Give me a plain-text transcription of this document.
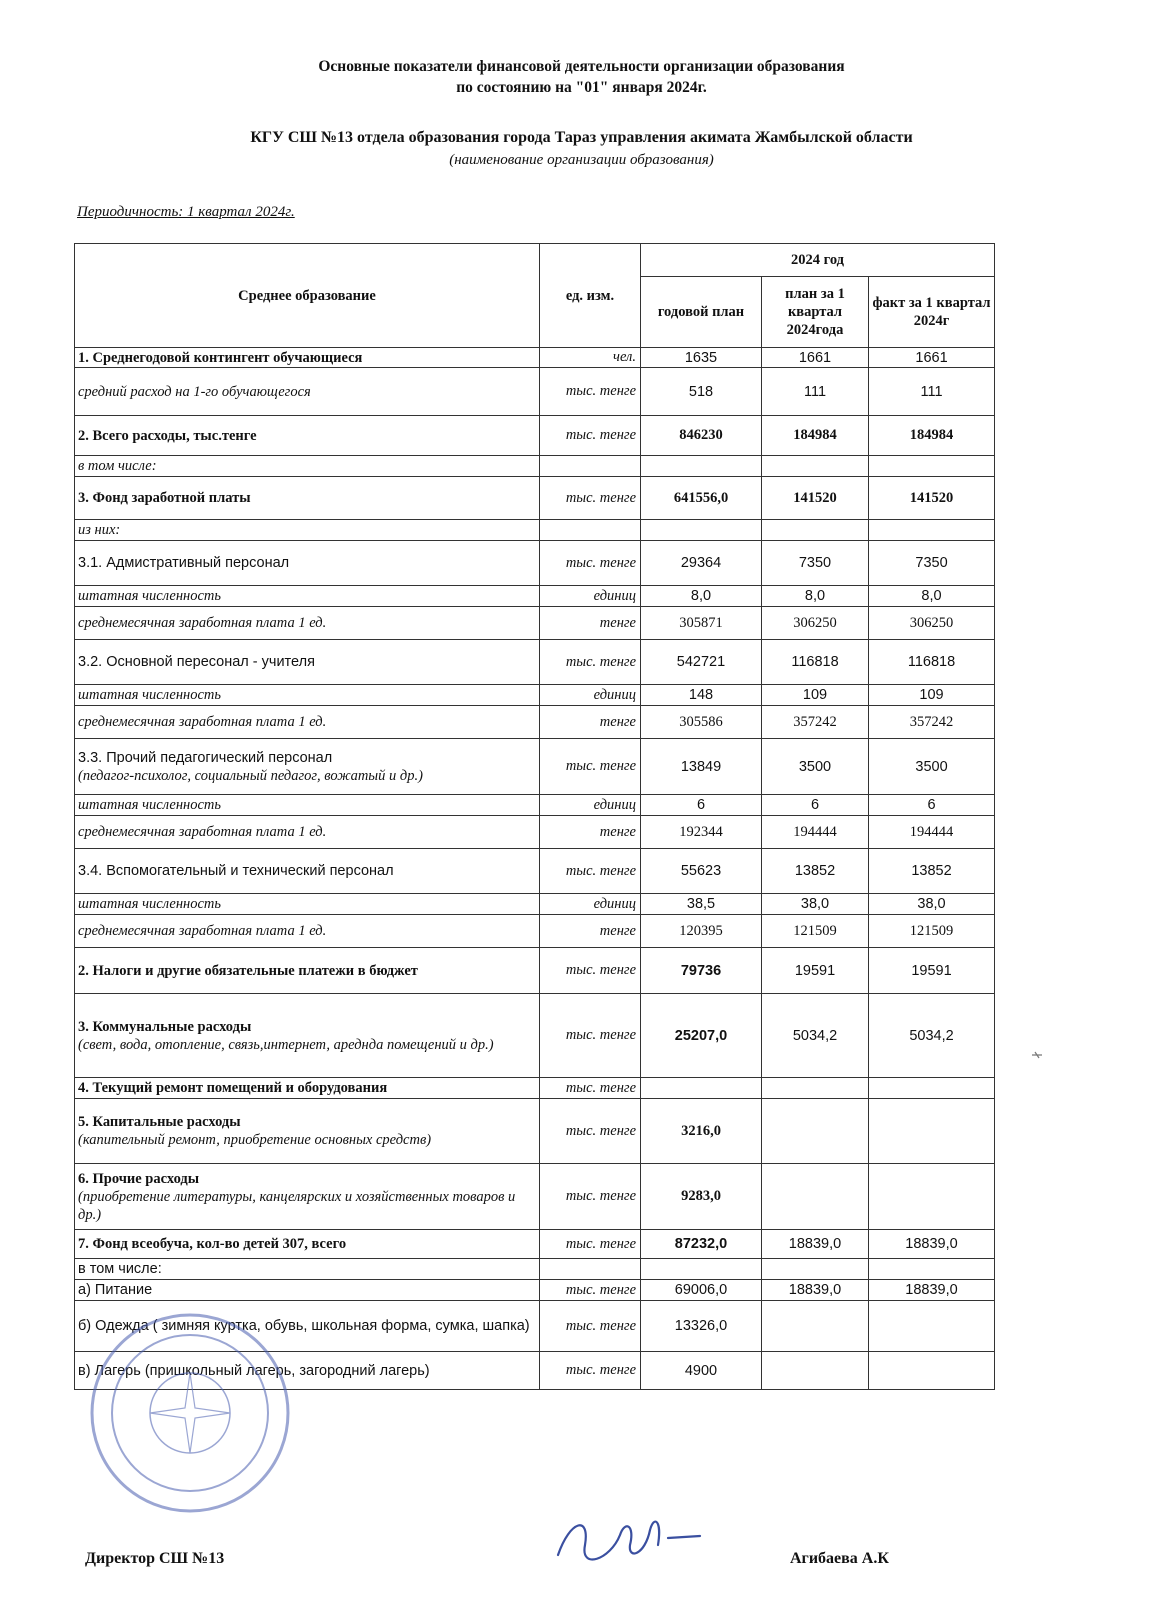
Основные показатели финансовой деятельности организации образования
по состоянию на "01" января 2024г.
КГУ СШ №13 отдела образования города Тараз управления акимата Жамбылской области
(наименование организации образования)
Периодичность: 1 квартал 2024г.
Среднее образование	ед. изм.	2024 год		
		годовой план	план за 1 квартал 2024года	факт за 1 квартал 2024г
1. Среднегодовой контингент обучающиеся	чел.	1635	1661	1661
средний расход на 1-го обучающегося	тыс. тенге	518	111	111
2. Всего расходы, тыс.тенге	тыс. тенге	846230	184984	184984
в том числе:				
3. Фонд заработной платы	тыс. тенге	641556,0	141520	141520
из них:				
3.1. Адмистративный персонал	тыс. тенге	29364	7350	7350
штатная численность	единиц	8,0	8,0	8,0
среднемесячная заработная плата 1 ед.	тенге	305871	306250	306250
3.2. Основной пересонал - учителя	тыс. тенге	542721	116818	116818
штатная численность	единиц	148	109	109
среднемесячная заработная плата 1 ед.	тенге	305586	357242	357242
3.3. Прочий педагогический персонал
(педагог-психолог, социальный педагог, вожатый и др.)	тыс. тенге	13849	3500	3500
штатная численность	единиц	6	6	6
среднемесячная заработная плата 1 ед.	тенге	192344	194444	194444
3.4. Вспомогательный и технический персонал	тыс. тенге	55623	13852	13852
штатная численность	единиц	38,5	38,0	38,0
среднемесячная заработная плата 1 ед.	тенге	120395	121509	121509
2. Налоги и другие обязательные платежи в бюджет	тыс. тенге	79736	19591	19591
3. Коммунальные расходы
(свет, вода, отопление, связь,интернет, ареднда помещений и др.)	тыс. тенге	25207,0	5034,2	5034,2
4. Текущий ремонт помещений и оборудования	тыс. тенге			
5. Капитальные расходы
(капительный ремонт, приобретение основных средств)	тыс. тенге	3216,0		
6. Прочие расходы
(приобретение литературы, канцелярских и хозяйственных товаров и др.)	тыс. тенге	9283,0		
7. Фонд всеобуча, кол-во детей 307, всего	тыс. тенге	87232,0	18839,0	18839,0
в том числе:				
а) Питание	тыс. тенге	69006,0	18839,0	18839,0
б) Одежда ( зимняя куртка, обувь, школьная форма, сумка, шапка)	тыс. тенге	13326,0		
в) Лагерь (пришкольный лагерь, загородний лагерь)	тыс. тенге	4900		
Директор СШ №13	Агибаева А.К
